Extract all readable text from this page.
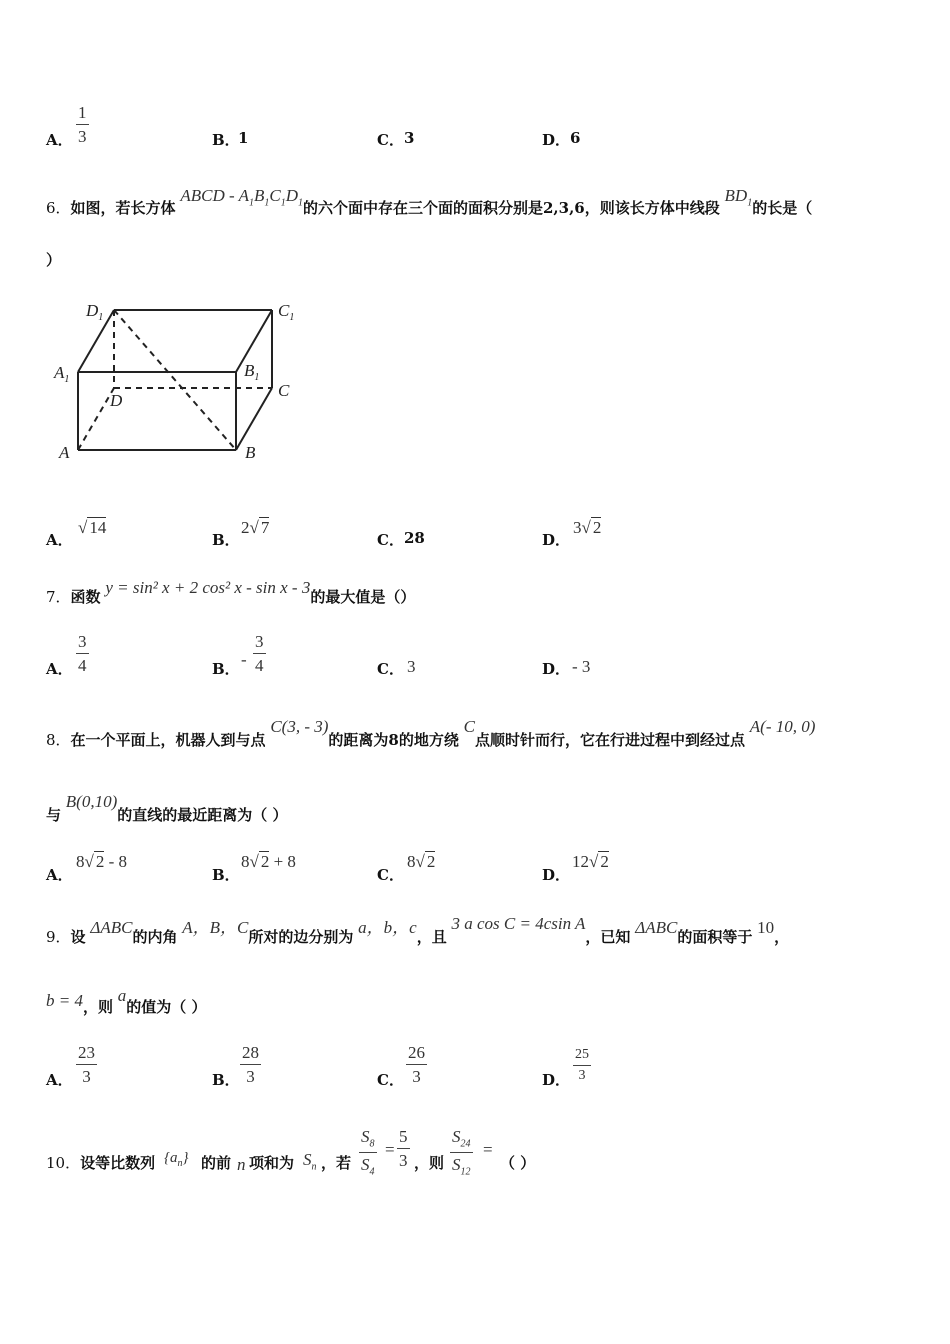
A． $\frac{1}{3}$	B．
1	C． 3	D． 6
6．如图，若长方体 ABCD - $A_1B_1C_1D_1$的六个面中存在三个面的面积分别是2,3,6，则该长方体中线段 $BD_1$的长是（
）
$D_1$	$C_1$
$A_1$	$B_1$
D
C
A	B
A．
√ 14
B．
2√ 7
C． 28	D．
3√ 2
7．函数 y = sin² x + 2 cos² x - sin x - 3的最大值是（）
A． $\frac{3}{4}$	B． - $\frac{3}{4}$	C． 3	D． - 3
8．在一个平面上，机器人到与点 C(3, - 3)的距离为8的地方绕 C点顺时针而行，它在行进过程中到经过点 A(- 10, 0)
与 B(0,10)的直线的最近距离为（ ）
A．
8√ 2 - 8
B．
8√ 2 + 8
C．
8√ 2
D．
12√ 2
9．设 ΔABC的内角 A，B，C所对的边分别为 a，b，c，且 3 a cos C = 4csin A，已知 ΔABC的面积等于 10，
b = 4，则 a的值为（ ）
A． $\frac{23}{3}$	B． $\frac{28}{3}$	C． $\frac{26}{3}$	D． $\frac{25}{3}$
10．设等比数列 $\{a_n\}$ 的前 n 项和为 $S_n$ ，若 $\frac{S_8}{S_4} = \frac{5}{3}$ ，则 $\frac{S_{24}}{S_{12}}$ =
（ ）
